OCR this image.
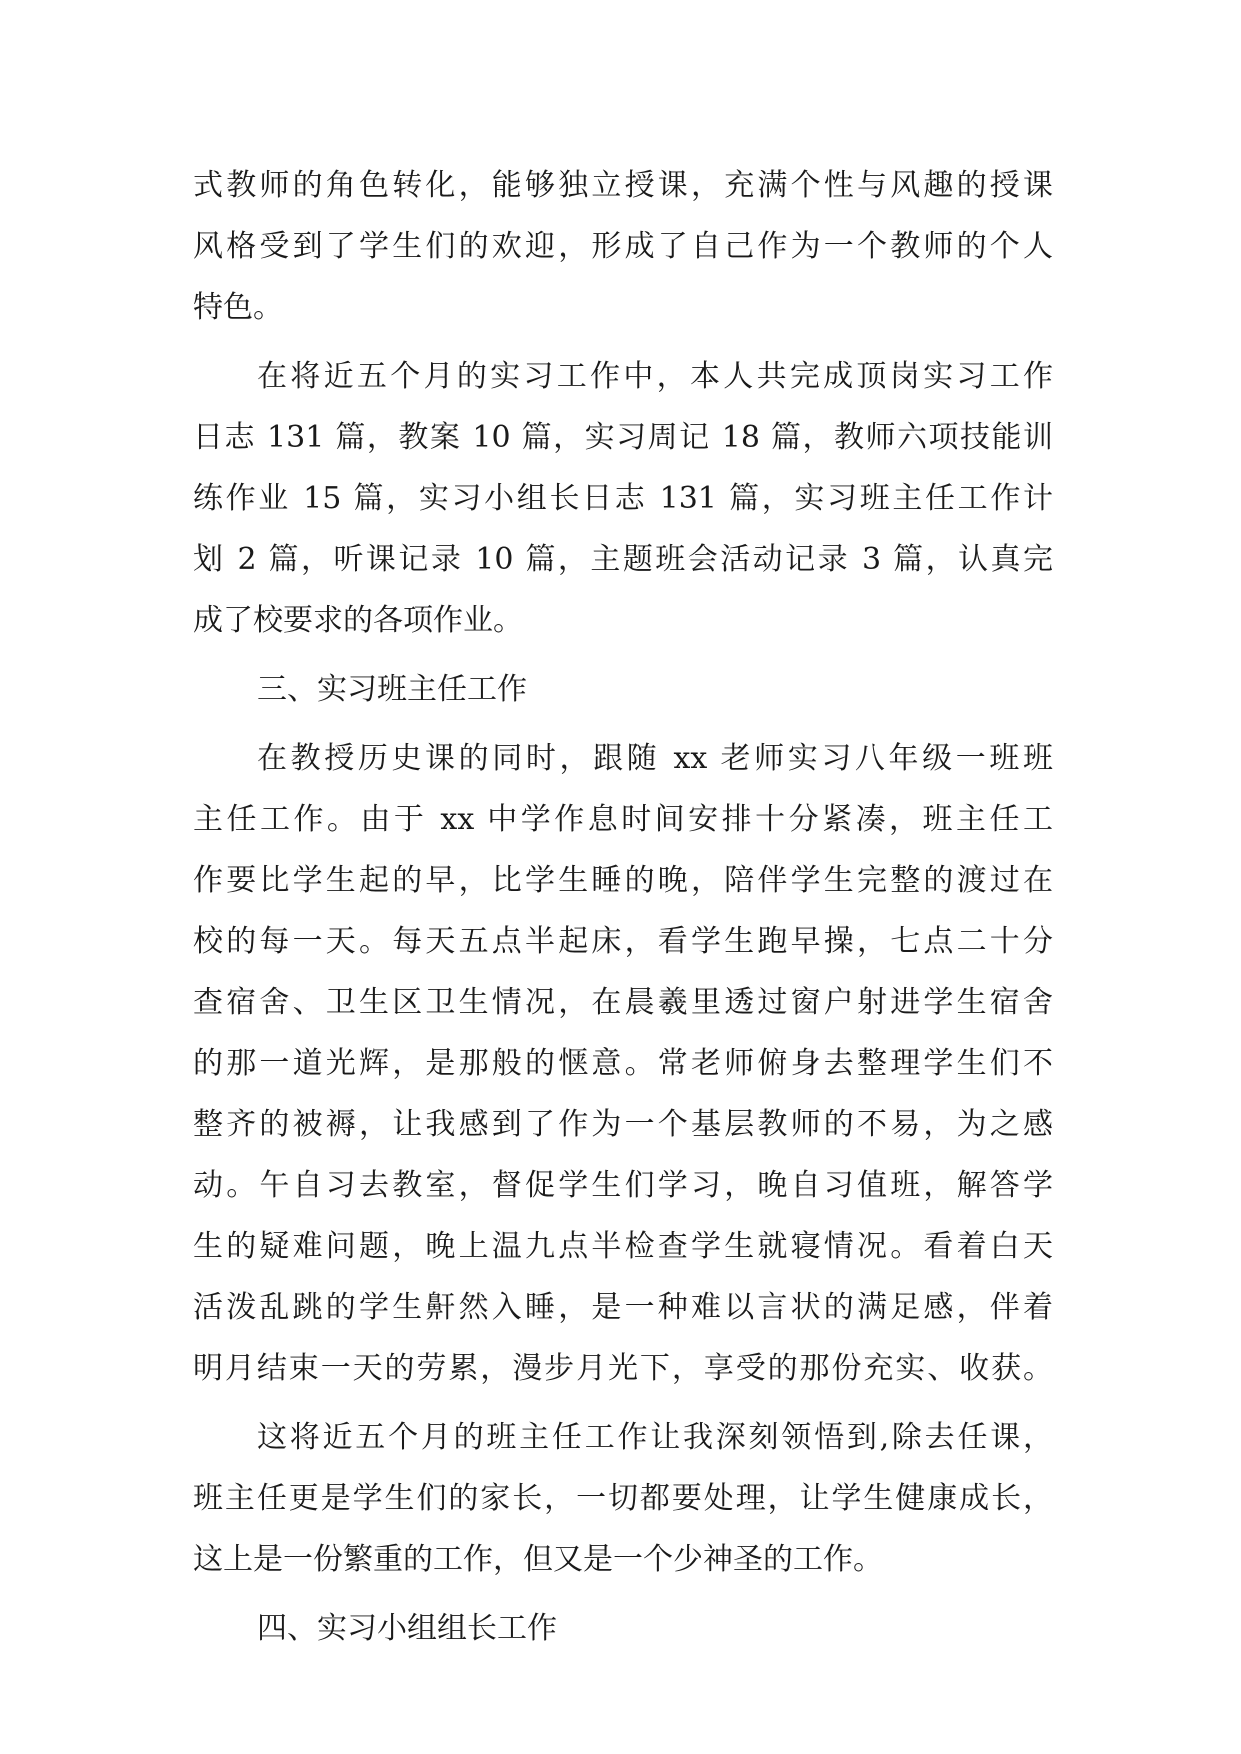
式教师的角色转化，能够独立授课，充满个性与风趣的授课
风格受到了学生们的欢迎，形成了自己作为一个教师的个人
特色。
在将近五个月的实习工作中，本人共完成顶岗实习工作
日志 131 篇，教案 10 篇，实习周记 18 篇，教师六项技能训
练作业 15 篇，实习小组长日志 131 篇，实习班主任工作计
划 2 篇，听课记录 10 篇，主题班会活动记录 3 篇，认真完
成了校要求的各项作业。
三、实习班主任工作
在教授历史课的同时，跟随 xx 老师实习八年级一班班
主任工作。由于 xx 中学作息时间安排十分紧凑，班主任工
作要比学生起的早，比学生睡的晚，陪伴学生完整的渡过在
校的每一天。每天五点半起床，看学生跑早操，七点二十分
查宿舍、卫生区卫生情况，在晨羲里透过窗户射进学生宿舍
的那一道光辉，是那般的惬意。常老师俯身去整理学生们不
整齐的被褥，让我感到了作为一个基层教师的不易，为之感
动。午自习去教室，督促学生们学习，晚自习值班，解答学
生的疑难问题，晚上温九点半检查学生就寝情况。看着白天
活泼乱跳的学生鼾然入睡，是一种难以言状的满足感，伴着
明月结束一天的劳累，漫步月光下，享受的那份充实、收获。
这将近五个月的班主任工作让我深刻领悟到,除去任课，
班主任更是学生们的家长，一切都要处理，让学生健康成长，
这上是一份繁重的工作，但又是一个少神圣的工作。
四、实习小组组长工作
